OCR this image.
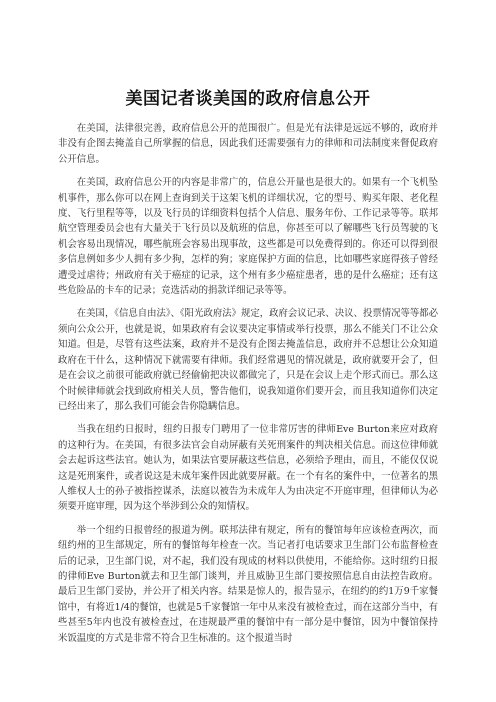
美国记者谈美国的政府信息公开

在美国，法律很完善，政府信息公开的范围很广。但是光有法律是远远不够的，政府并非没有企图去掩盖自己所掌握的信息，因此我们还需要强有力的律师和司法制度来督促政府公开信息。

在美国，政府信息公开的内容是非常广的，信息公开量也是很大的。如果有一个飞机坠机事件，那么你可以在网上查询到关于这架飞机的详细状况，它的型号、购买年限、老化程度、飞行里程等等，以及飞行员的详细资料包括个人信息、服务年份、工作记录等等。联邦航空管理委员会也有大量关于飞行员以及航班的信息，你甚至可以了解哪些飞行员驾驶的飞机会容易出现情况，哪些航班会容易出现事故，这些都是可以免费得到的。你还可以得到很多信息例如多少人拥有多少狗，怎样的狗；家庭保护方面的信息，比如哪些家庭得孩子曾经遭受过虐待；州政府有关于癌症的记录，这个州有多少癌症患者，患的是什么癌症；还有这些危险品的卡车的记录；竞选活动的捐款详细记录等等。

在美国，《信息自由法》、《阳光政府法》规定，政府会议记录、决议、投票情况等等都必须向公众公开，也就是说，如果政府有会议要决定事情或举行投票，那么不能关门不让公众知道。但是，尽管有这些法案，政府并不是没有企图去掩盖信息，政府并不总想让公众知道政府在干什么，这种情况下就需要有律师。我们经常遇见的情况就是，政府就要开会了，但是在会议之前很可能政府就已经偷偷把决议都做完了，只是在会议上走个形式而已。那么这个时候律师就会找到政府相关人员，警告他们，说我知道你们要开会，而且我知道你们决定已经出来了，那么我们可能会告你隐瞒信息。

当我在纽约日报时，纽约日报专门聘用了一位非常厉害的律师Eve Burton来应对政府的这种行为。在美国，有很多法官会自动屏蔽有关死刑案件的判决相关信息。而这位律师就会去起诉这些法官。她认为，如果法官要屏蔽这些信息，必须给予理由，而且，不能仅仅说这是死刑案件，或者说这是未成年案件因此就要屏蔽。在一个有名的案件中，一位著名的黑人维权人士的孙子被指控谋杀，法庭以被告为未成年人为由决定不开庭审理，但律师认为必须要开庭审理，因为这个举涉到公众的知情权。

举一个纽约日报曾经的报道为例。联邦法律有规定，所有的餐馆每年应该检查两次，而纽约州的卫生部规定，所有的餐馆每年检查一次。当记者打电话要求卫生部门公布监督检查后的记录，卫生部门说，对不起，我们没有现成的材料以供使用，不能给你。这时纽约日报的律师Eve Burton就去和卫生部门谈判，并且威胁卫生部门要按照信息自由法控告政府。最后卫生部门妥协，并公开了相关内容。结果是惊人的，报告显示，在纽约的约1万9千家餐馆中，有将近1/4的餐馆，也就是5千家餐馆一年中从来没有被检查过，而在这部分当中，有些甚至5年内也没有被检查过，在违规最严重的餐馆中有一部分是中餐馆，因为中餐馆保持米饭温度的方式是非常不符合卫生标准的。这个报道当时
